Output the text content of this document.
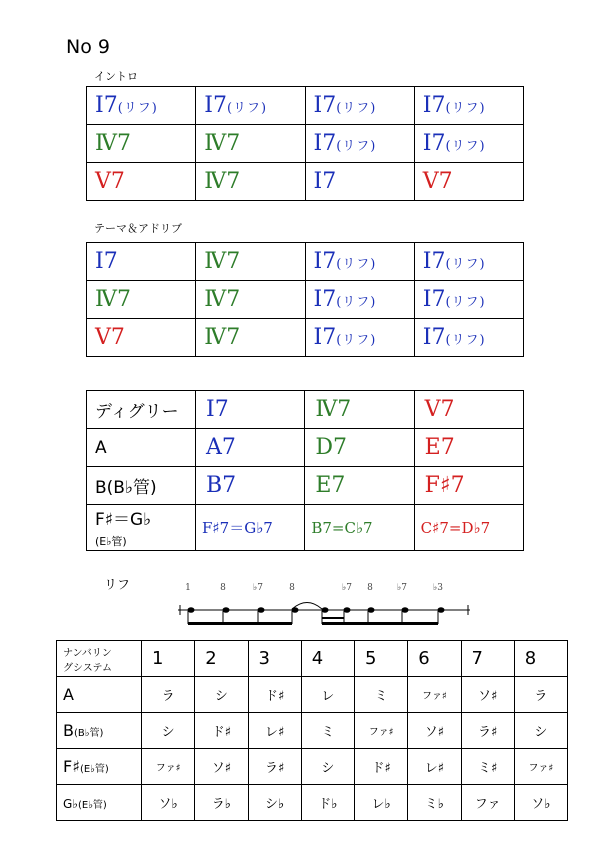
No 9
イントロ
Ⅰ7(リフ)	Ⅰ7(リフ)	Ⅰ7(リフ)	Ⅰ7(リフ)
Ⅳ7	Ⅳ7	Ⅰ7(リフ)	Ⅰ7(リフ)
Ⅴ7	Ⅳ7	Ⅰ7	Ⅴ7
テーマ＆アドリブ
Ⅰ7	Ⅳ7	Ⅰ7(リフ)	Ⅰ7(リフ)
Ⅳ7	Ⅳ7	Ⅰ7(リフ)	Ⅰ7(リフ)
Ⅴ7	Ⅳ7	Ⅰ7(リフ)	Ⅰ7(リフ)
ディグリー	Ⅰ7	Ⅳ7	Ⅴ7
A	A7	D7	E7
B(B♭管)	B7	E7	F♯7
F♯＝G♭
(E♭管)	F♯7＝G♭7	B7=C♭7	C♯7=D♭7
リフ	1	8	♭7	8	♭7 8	♭7	♭3
ナンバリン
グシステム	1	2	3	4	5	6	7	8
A	ラ	シ	ド♯	レ	ミ	ファ♯	ソ♯	ラ
B(B♭管)	シ	ド♯	レ♯	ミ	ファ♯	ソ♯	ラ♯	シ
F♯(E♭管)	ファ♯	ソ♯	ラ♯	シ	ド♯	レ♯	ミ♯	ファ♯
G♭(E♭管)	ソ♭	ラ♭	シ♭	ド♭	レ♭	ミ♭	ファ	ソ♭
